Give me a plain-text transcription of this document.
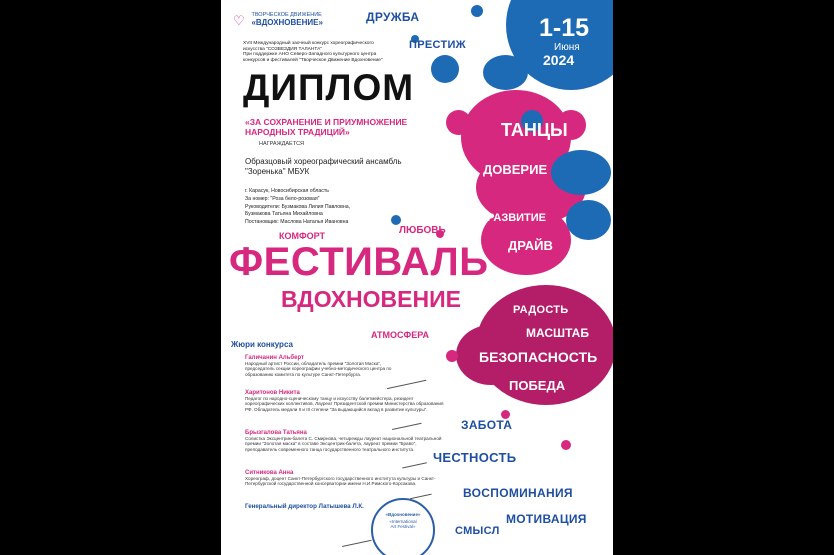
♡ ТВОРЧЕСКОЕ ДВИЖЕНИЕ
«ВДОХНОВЕНИЕ»
XVII Международный заочный конкурс хореографического
искусства "СОЗВЕЗДИЯ ТАЛАНТА"
При поддержке АНО Северо-Западного культурного центра
конкурсов и фестивалей "Творческое Движение Вдохновение"
1-15
Июня
2024
ДИПЛОМ
«ЗА СОХРАНЕНИЕ И ПРИУМНОЖЕНИЕ
НАРОДНЫХ ТРАДИЦИЙ»
НАГРАЖДАЕТСЯ
Образцовый хореографический ансамбль
"Зоренька" МБУК
г. Карасук, Новосибирская область
За номер: "Роза бело-розовая"
Руководители: Бузмакова Лилия Павловна,
Бузмакова Татьяна Михайловна
Постановщик: Маслова Наталья Ивановна
ДРУЖБА
ПРЕСТИЖ
ТАНЦЫ
ДОВЕРИЕ
РАЗВИТИЕ
ДРАЙВ
ЛЮБОВЬ
КОМФОРТ
ФЕСТИВАЛЬ
ВДОХНОВЕНИЕ	РАДОСТЬ
МАСШТАБ
БЕЗОПАСНОСТЬ
АТМОСФЕРА
ПОБЕДА
ЗАБОТА
ЧЕСТНОСТЬ
ВОСПОМИНАНИЯ
СМЫСЛ
МОТИВАЦИЯ
Жюри конкурса
Галичанин Альберт
Народный артист России, обладатель премии "Золотая Маска", председатель секции хореографии учебно-методического центра по образованию комитета по культуре Санкт-Петербурга.
Харитонов Никита
Педагог по народно-сценическому танцу и искусству балетмейстера, резидент хореографических коллективов, Лауреат Президентской премии Министерства образования РФ. Обладатель медали II и III степени "За выдающийся вклад в развитие культуры".
Брызгалова Татьяна
Солистка Эксцентрик-балета С. Смирнова, четырежды лауреат национальной театральной премии "Золотая маска" в составе Эксцентрик-балета, лауреат премии "Бравo", преподаватель современного танца государственного театрального института.
Ситникова Анна
Хореограф, доцент Санкт-Петербургского государственного института культуры и Санкт-Петербургской государственной консерватории имени Н.И.Римского-Корсакова.
Генеральный директор Латышева Л.К.
«Вдохновение»
«International
Art Festival»
